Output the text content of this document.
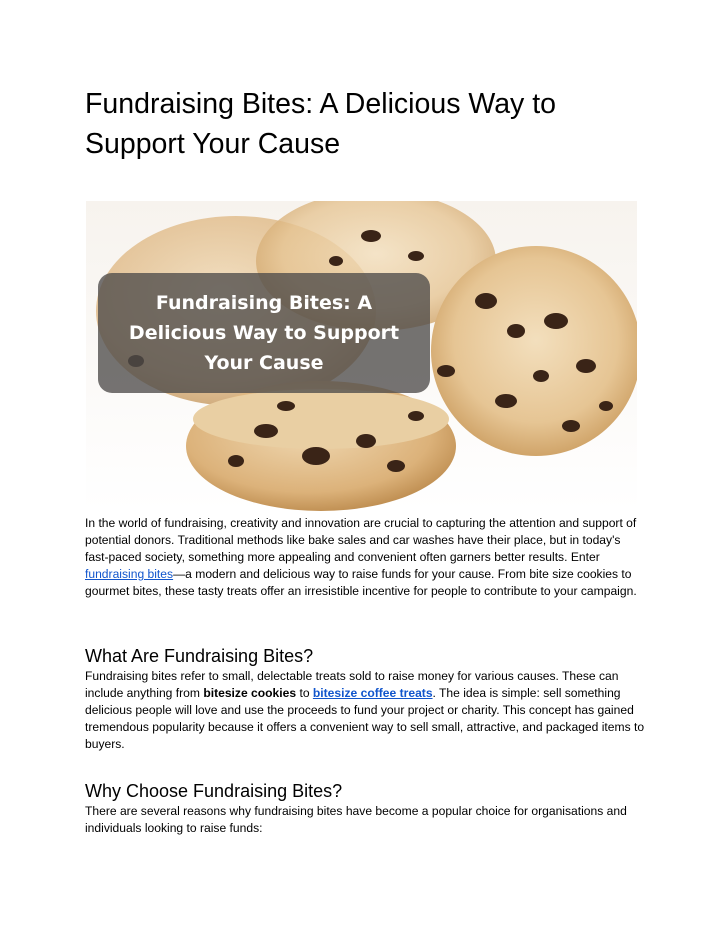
Fundraising Bites: A Delicious Way to Support Your Cause
Fundraising Bites: A Delicious Way to Support Your Cause

In the world of fundraising, creativity and innovation are crucial to capturing the attention and support of potential donors. Traditional methods like bake sales and car washes have their place, but in today's fast-paced society, something more appealing and convenient often garners better results. Enter fundraising bites—a modern and delicious way to raise funds for your cause. From bite size cookies to gourmet bites, these tasty treats offer an irresistible incentive for people to contribute to your campaign.

What Are Fundraising Bites?

Fundraising bites refer to small, delectable treats sold to raise money for various causes. These can include anything from bitesize cookies to bitesize coffee treats. The idea is simple: sell something delicious people will love and use the proceeds to fund your project or charity. This concept has gained tremendous popularity because it offers a convenient way to sell small, attractive, and packaged items to buyers.

Why Choose Fundraising Bites?

There are several reasons why fundraising bites have become a popular choice for organisations and individuals looking to raise funds:
